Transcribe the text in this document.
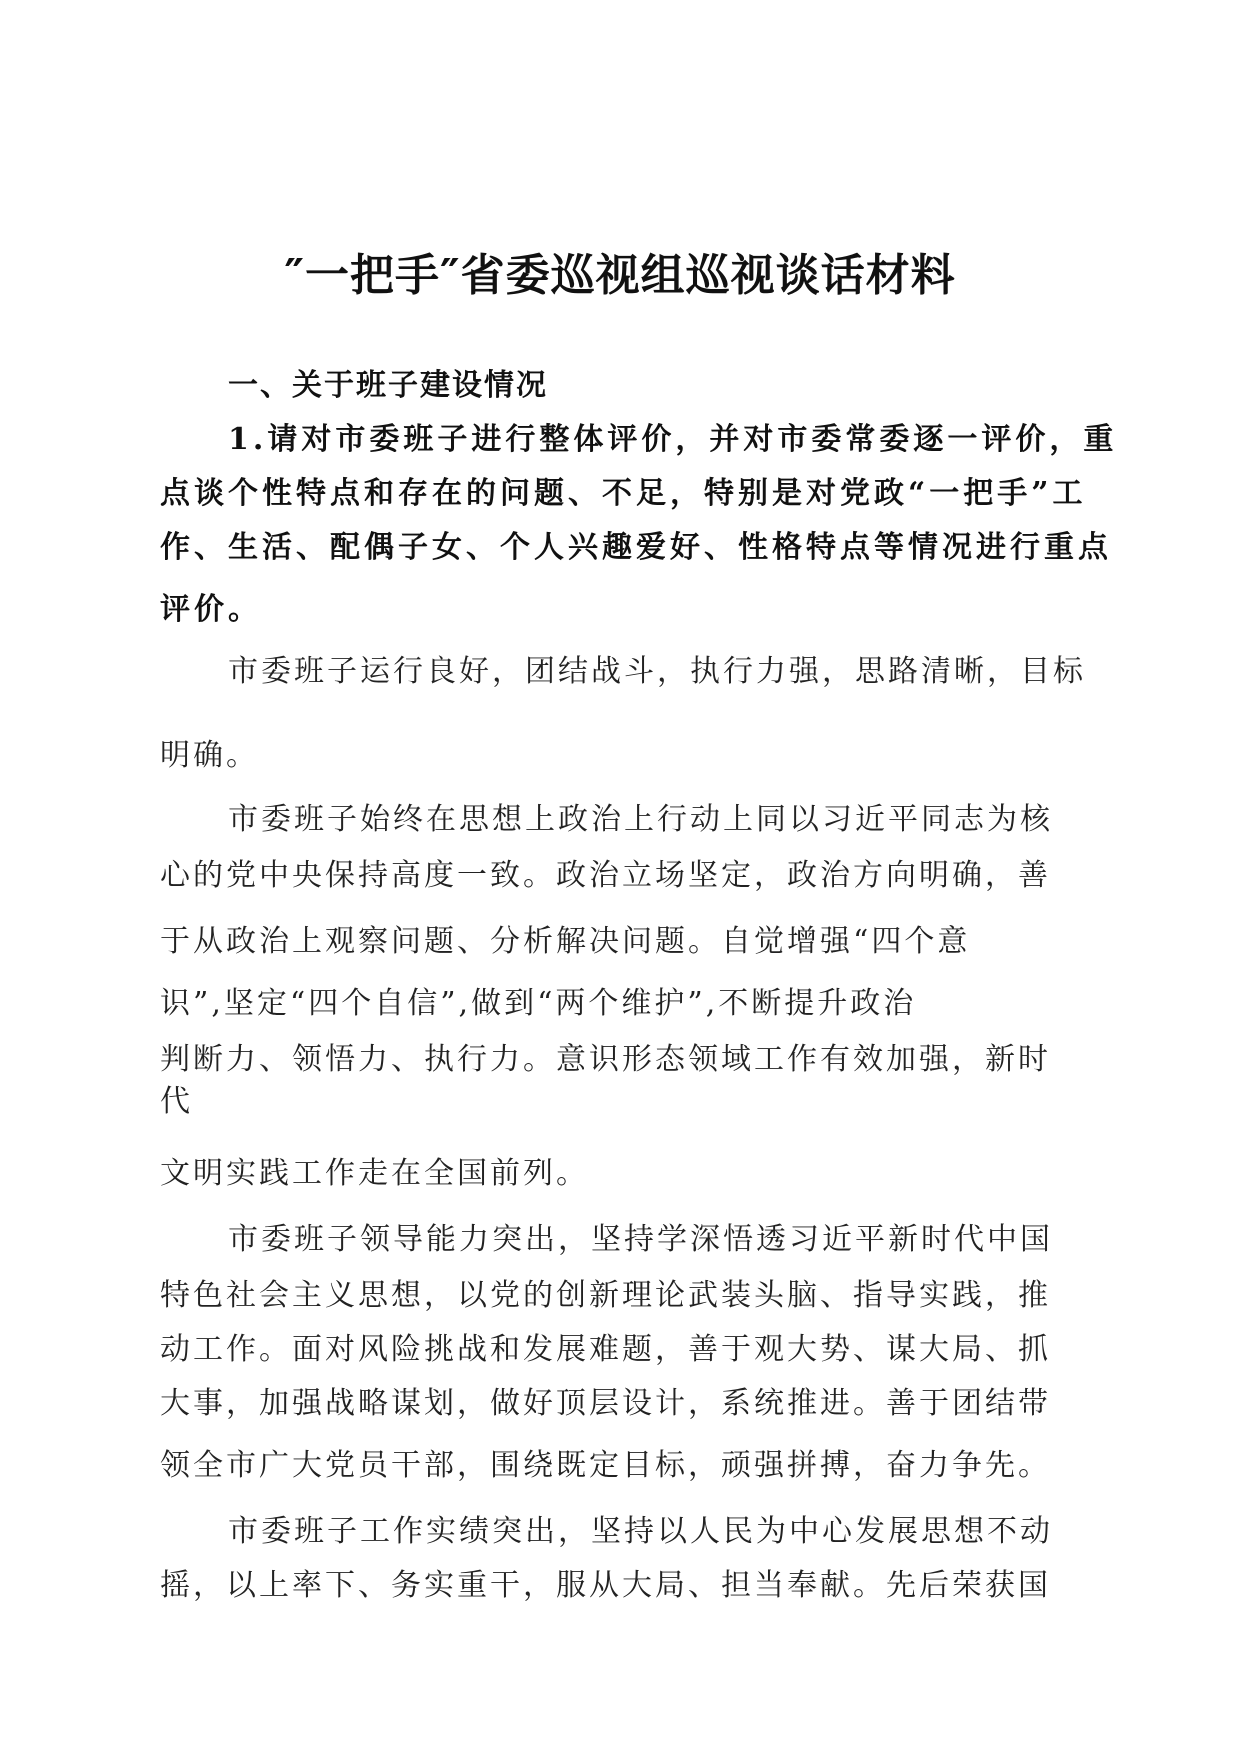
″一把手″省委巡视组巡视谈话材料
一、关于班子建设情况
1.请对市委班子进行整体评价，并对市委常委逐一评价，重
点谈个性特点和存在的问题、不足，特别是对党政“一把手”工
作、生活、配偶子女、个人兴趣爱好、性格特点等情况进行重点
评价。
市委班子运行良好，团结战斗，执行力强，思路清晰，目标
明确。
市委班子始终在思想上政治上行动上同以习近平同志为核
心的党中央保持高度一致。政治立场坚定，政治方向明确，善
于从政治上观察问题、分析解决问题。自觉增强“四个意
识”,坚定“四个自信”,做到“两个维护”,不断提升政治
判断力、领悟力、执行力。意识形态领域工作有效加强，新时
代
文明实践工作走在全国前列。
市委班子领导能力突出，坚持学深悟透习近平新时代中国
特色社会主义思想，以党的创新理论武装头脑、指导实践，推
动工作。面对风险挑战和发展难题，善于观大势、谋大局、抓
大事，加强战略谋划，做好顶层设计，系统推进。善于团结带
领全市广大党员干部，围绕既定目标，顽强拼搏，奋力争先。
市委班子工作实绩突出，坚持以人民为中心发展思想不动
摇，以上率下、务实重干，服从大局、担当奉献。先后荣获国
